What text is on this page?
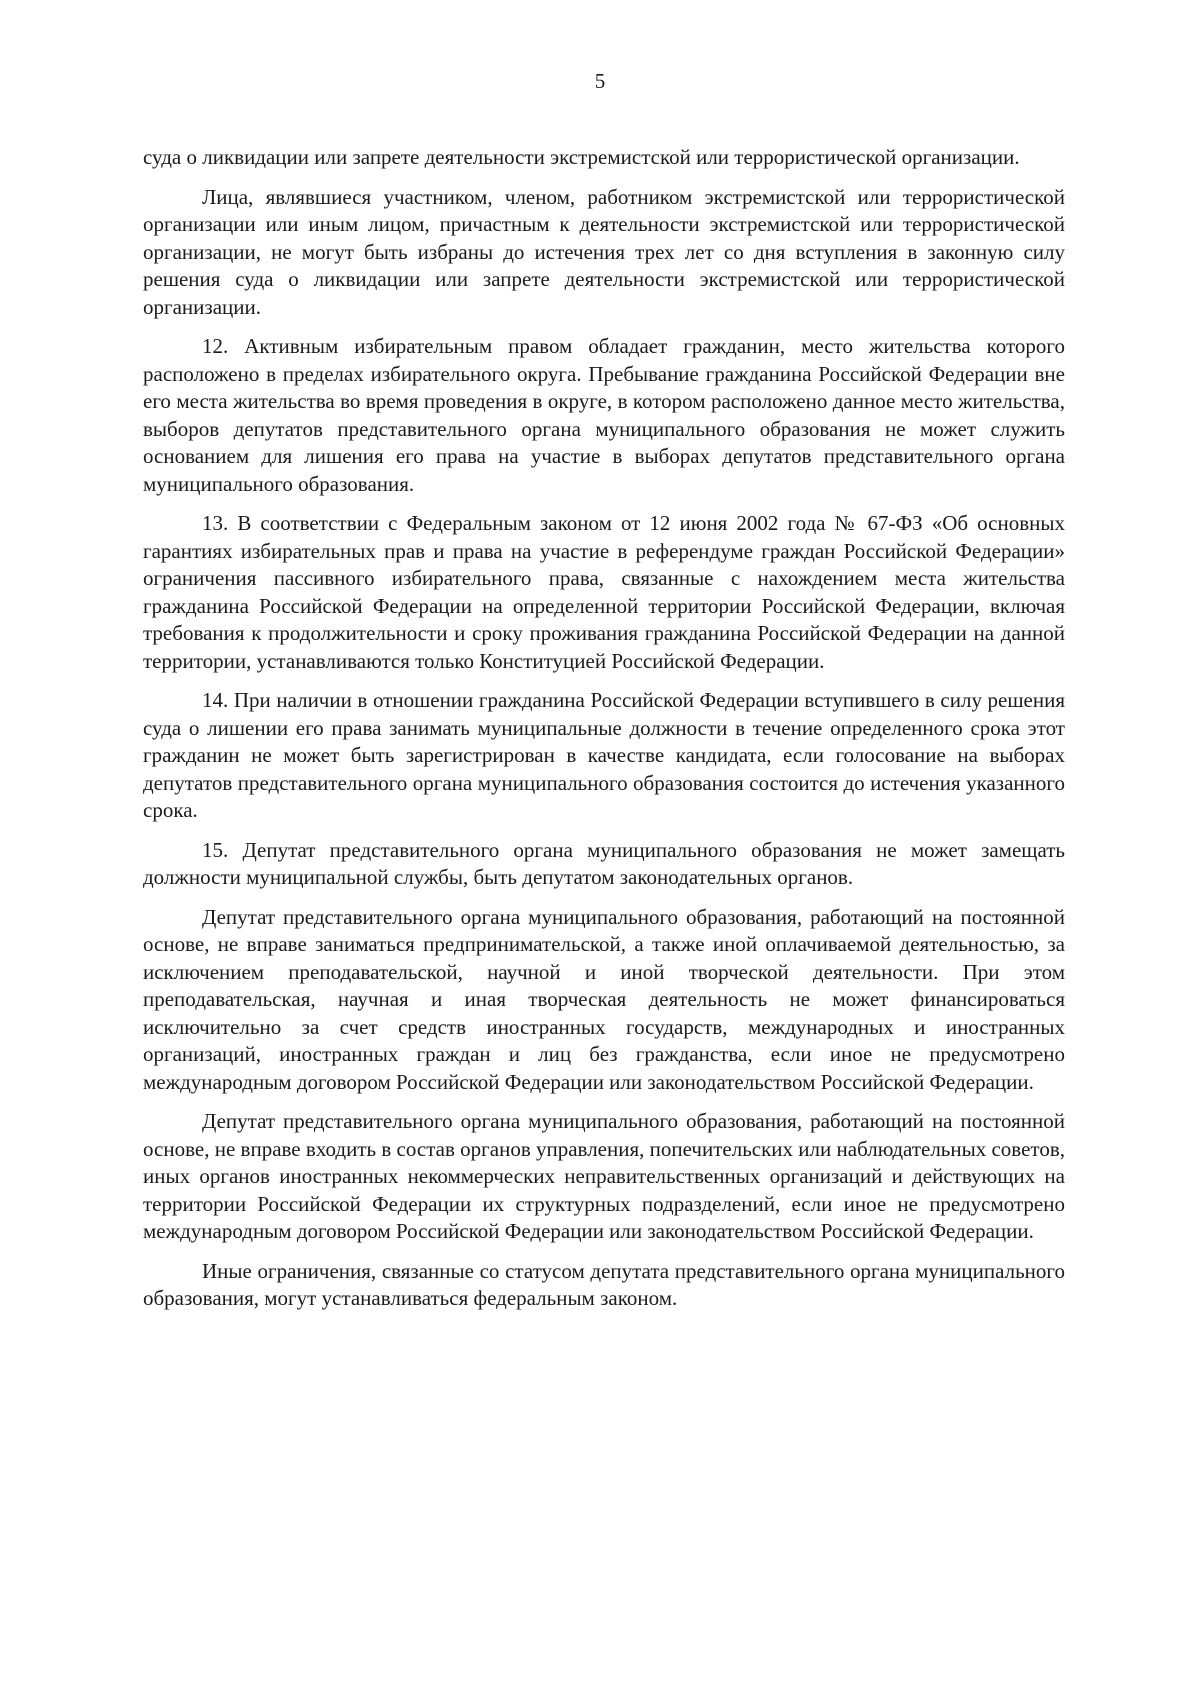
5

суда о ликвидации или запрете деятельности экстремистской или террористической организации.

Лица, являвшиеся участником, членом, работником экстремистской или террористической организации или иным лицом, причастным к деятельности экстремистской или террористической организации, не могут быть избраны до истечения трех лет со дня вступления в законную силу решения суда о ликвидации или запрете деятельности экстремистской или террористической организации.

12. Активным избирательным правом обладает гражданин, место жительства которого расположено в пределах избирательного округа. Пребывание гражданина Российской Федерации вне его места жительства во время проведения в округе, в котором расположено данное место жительства, выборов депутатов представительного органа муниципального образования не может служить основанием для лишения его права на участие в выборах депутатов представительного органа муниципального образования.

13. В соответствии с Федеральным законом от 12 июня 2002 года № 67-ФЗ «Об основных гарантиях избирательных прав и права на участие в референдуме граждан Российской Федерации» ограничения пассивного избирательного права, связанные с нахождением места жительства гражданина Российской Федерации на определенной территории Российской Федерации, включая требования к продолжительности и сроку проживания гражданина Российской Федерации на данной территории, устанавливаются только Конституцией Российской Федерации.

14. При наличии в отношении гражданина Российской Федерации вступившего в силу решения суда о лишении его права занимать муниципальные должности в течение определенного срока этот гражданин не может быть зарегистрирован в качестве кандидата, если голосование на выборах депутатов представительного органа муниципального образования состоится до истечения указанного срока.

15. Депутат представительного органа муниципального образования не может замещать должности муниципальной службы, быть депутатом законодательных органов.

Депутат представительного органа муниципального образования, работающий на постоянной основе, не вправе заниматься предпринимательской, а также иной оплачиваемой деятельностью, за исключением преподавательской, научной и иной творческой деятельности. При этом преподавательская, научная и иная творческая деятельность не может финансироваться исключительно за счет средств иностранных государств, международных и иностранных организаций, иностранных граждан и лиц без гражданства, если иное не предусмотрено международным договором Российской Федерации или законодательством Российской Федерации.

Депутат представительного органа муниципального образования, работающий на постоянной основе, не вправе входить в состав органов управления, попечительских или наблюдательных советов, иных органов иностранных некоммерческих неправительственных организаций и действующих на территории Российской Федерации их структурных подразделений, если иное не предусмотрено международным договором Российской Федерации или законодательством Российской Федерации.

Иные ограничения, связанные со статусом депутата представительного органа муниципального образования, могут устанавливаться федеральным законом.
